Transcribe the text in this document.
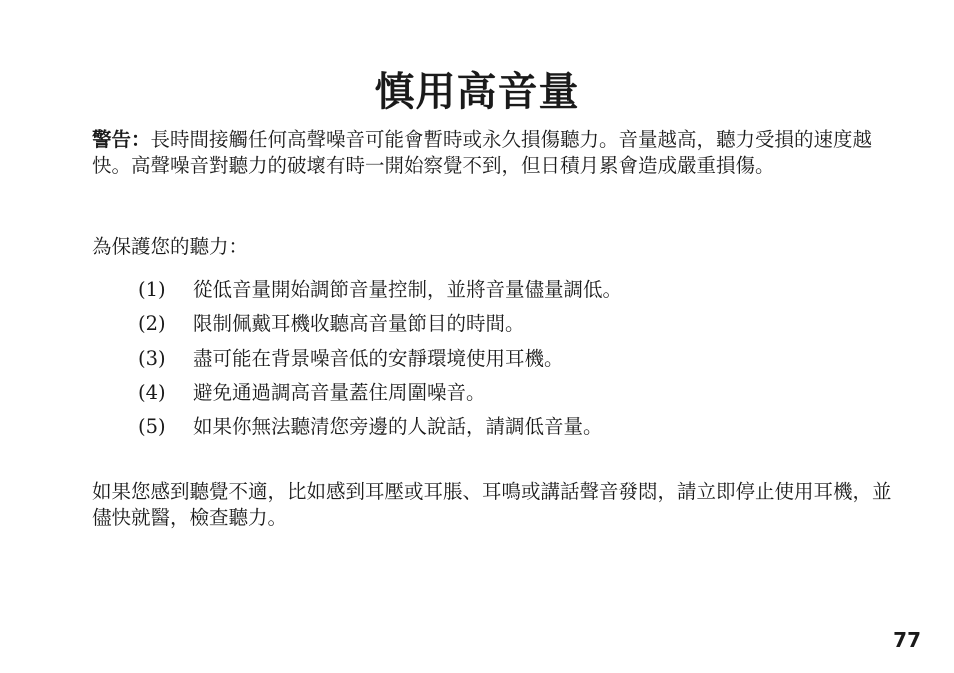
慎用高音量

警告：長時間接觸任何高聲噪音可能會暫時或永久損傷聽力。音量越高，聽力受損的速度越快。高聲噪音對聽力的破壞有時一開始察覺不到，但日積月累會造成嚴重損傷。

為保護您的聽力：

(1) 從低音量開始調節音量控制，並將音量儘量調低。
(2) 限制佩戴耳機收聽高音量節目的時間。
(3) 盡可能在背景噪音低的安靜環境使用耳機。
(4) 避免通過調高音量蓋住周圍噪音。
(5) 如果你無法聽清您旁邊的人說話，請調低音量。

如果您感到聽覺不適，比如感到耳壓或耳脹、耳鳴或講話聲音發悶，請立即停止使用耳機，並儘快就醫，檢查聽力。

77
